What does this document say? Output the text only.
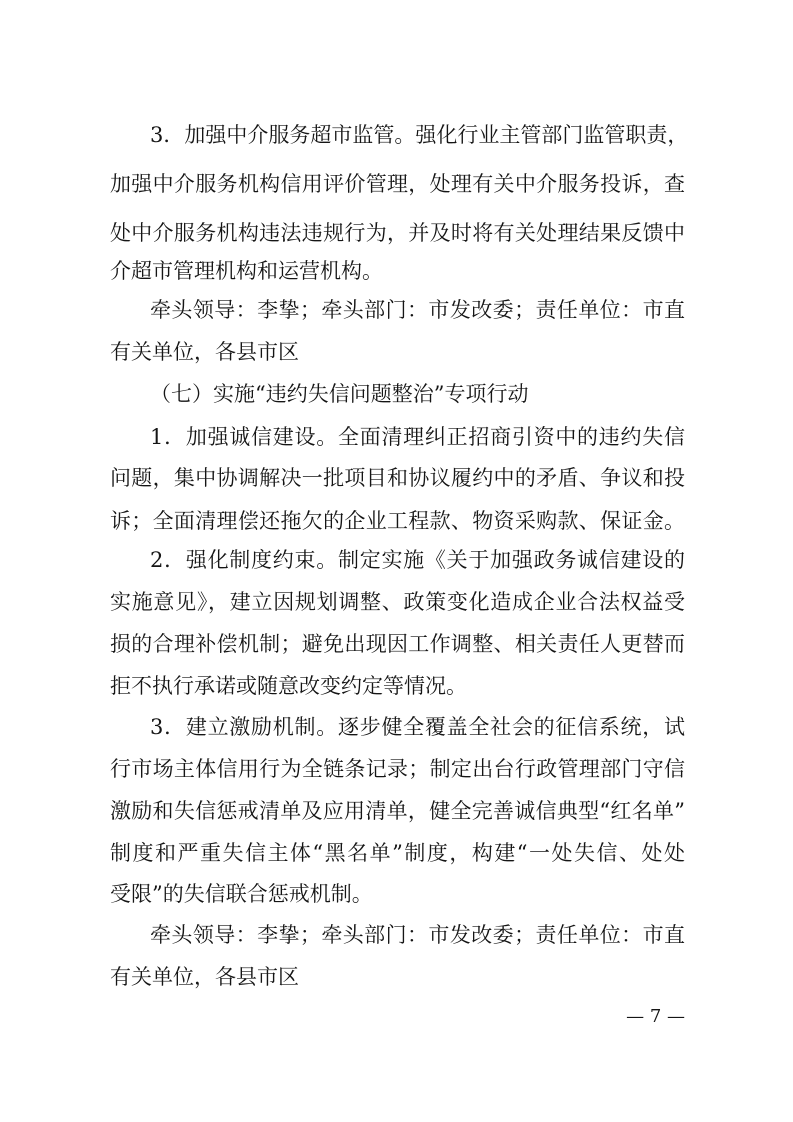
3．加强中介服务超市监管。强化行业主管部门监管职责，

加强中介服务机构信用评价管理，处理有关中介服务投诉，查

处中介服务机构违法违规行为，并及时将有关处理结果反馈中

介超市管理机构和运营机构。

牵头领导：李挚；牵头部门：市发改委；责任单位：市直

有关单位，各县市区

（七）实施“违约失信问题整治”专项行动

1．加强诚信建设。全面清理纠正招商引资中的违约失信

问题，集中协调解决一批项目和协议履约中的矛盾、争议和投

诉；全面清理偿还拖欠的企业工程款、物资采购款、保证金。

2．强化制度约束。制定实施《关于加强政务诚信建设的

实施意见》，建立因规划调整、政策变化造成企业合法权益受

损的合理补偿机制；避免出现因工作调整、相关责任人更替而

拒不执行承诺或随意改变约定等情况。

3．建立激励机制。逐步健全覆盖全社会的征信系统，试

行市场主体信用行为全链条记录；制定出台行政管理部门守信

激励和失信惩戒清单及应用清单，健全完善诚信典型“红名单”

制度和严重失信主体“黑名单”制度，构建“一处失信、处处

受限”的失信联合惩戒机制。

牵头领导：李挚；牵头部门：市发改委；责任单位：市直

有关单位，各县市区

— 7 —
